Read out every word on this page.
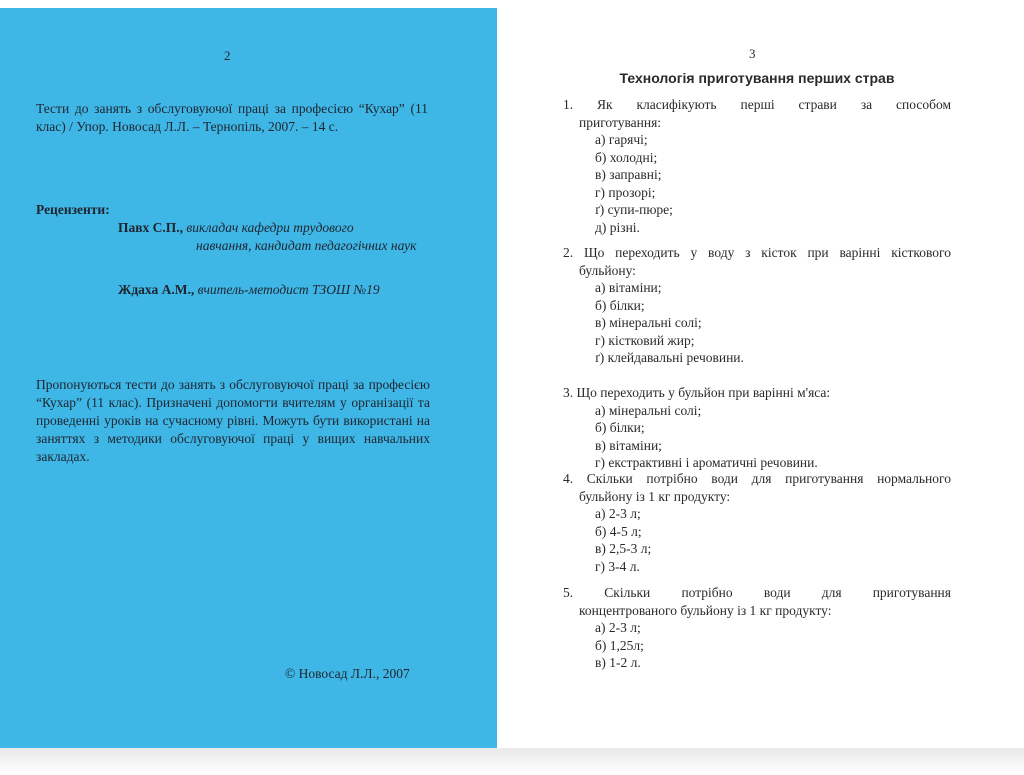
2
Тести до занять з обслуговуючої праці за професією “Кухар” (11 клас) / Упор. Новосад Л.Л. – Тернопіль, 2007. – 14 с.
Рецензенти:
Павх С.П., викладач кафедри трудового
навчання, кандидат педагогічних наук
Ждаха А.М., вчитель-методист ТЗОШ №19
Пропонуються тести до занять з обслуговуючої праці за професією “Кухар” (11 клас). Призначені допомогти вчителям у організації та проведенні уроків на сучасному рівні. Можуть бути використані на заняттях з методики обслуговуючої праці у вищих навчальних закладах.
© Новосад Л.Л., 2007
3
Технологія приготування перших страв
1. Як класифікують перші страви за способом
приготування:
а) гарячі;
б) холодні;
в) заправні;
г) прозорі;
ґ) супи-пюре;
д) різні.
2. Що переходить у воду з кісток при варінні кісткового
бульйону:
а) вітаміни;
б) білки;
в) мінеральні солі;
г) кістковий жир;
ґ) клейдавальні речовини.
3. Що переходить у бульйон при варінні м'яса:
а) мінеральні солі;
б) білки;
в) вітаміни;
г) екстрактивні і ароматичні речовини.
4. Скільки потрібно води для приготування нормального
бульйону із 1 кг продукту:
а) 2-3 л;
б) 4-5 л;
в) 2,5-3 л;
г) 3-4 л.
5. Скільки потрібно води для приготування
концентрованого бульйону із 1 кг продукту:
а) 2-3 л;
б) 1,25л;
в) 1-2 л.
